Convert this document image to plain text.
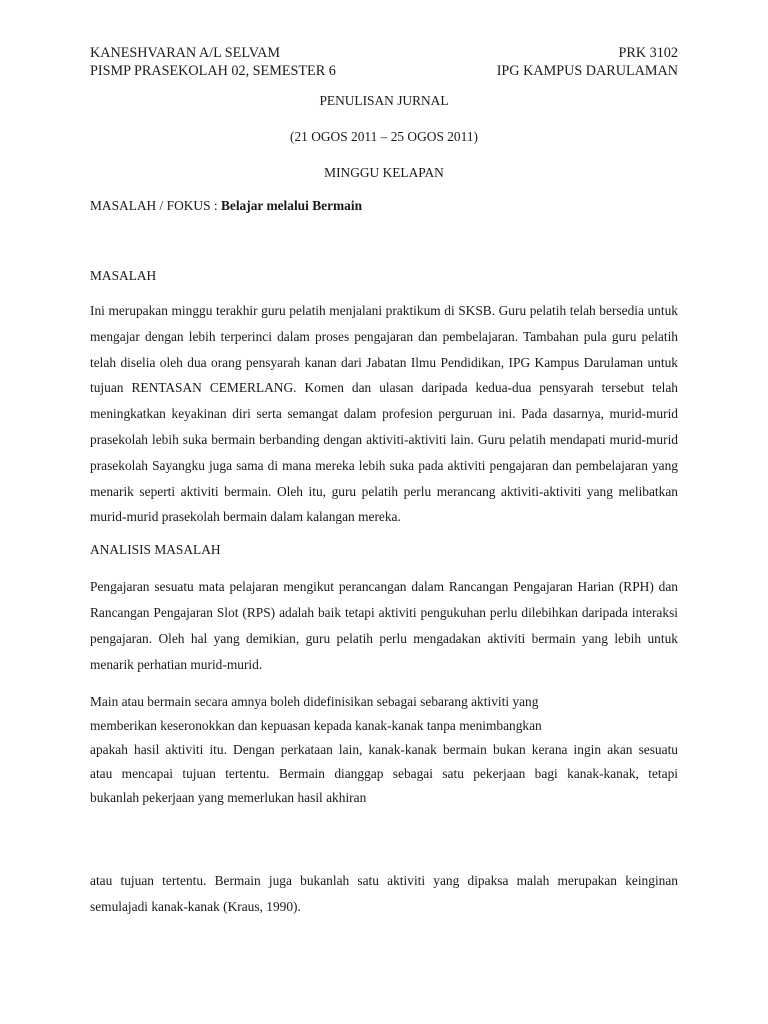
KANESHVARAN A/L SELVAM	PRK 3102
PISMP PRASEKOLAH 02, SEMESTER 6	IPG KAMPUS DARULAMAN
PENULISAN JURNAL
(21 OGOS 2011 – 25 OGOS 2011)
MINGGU KELAPAN
MASALAH / FOKUS : Belajar melalui Bermain
MASALAH
Ini merupakan minggu terakhir guru pelatih menjalani praktikum di SKSB. Guru pelatih telah bersedia untuk mengajar dengan lebih terperinci dalam proses pengajaran dan pembelajaran. Tambahan pula guru pelatih telah diselia oleh dua orang pensyarah kanan dari Jabatan Ilmu Pendidikan, IPG Kampus Darulaman untuk tujuan RENTASAN CEMERLANG. Komen dan ulasan daripada kedua-dua pensyarah tersebut telah meningkatkan keyakinan diri serta semangat dalam profesion perguruan ini. Pada dasarnya, murid-murid prasekolah lebih suka bermain berbanding dengan aktiviti-aktiviti lain. Guru pelatih mendapati murid-murid prasekolah Sayangku juga sama di mana mereka lebih suka pada aktiviti pengajaran dan pembelajaran yang menarik seperti aktiviti bermain. Oleh itu, guru pelatih perlu merancang aktiviti-aktiviti yang melibatkan murid-murid prasekolah bermain dalam kalangan mereka.
ANALISIS MASALAH
Pengajaran sesuatu mata pelajaran mengikut perancangan dalam Rancangan Pengajaran Harian (RPH) dan Rancangan Pengajaran Slot (RPS) adalah baik tetapi aktiviti pengukuhan perlu dilebihkan daripada interaksi pengajaran. Oleh hal yang demikian, guru pelatih perlu mengadakan aktiviti bermain yang lebih untuk menarik perhatian murid-murid.
Main atau bermain secara amnya boleh didefinisikan sebagai sebarang aktiviti yang
memberikan keseronokkan dan kepuasan kepada kanak-kanak tanpa menimbangkan
apakah hasil aktiviti itu. Dengan perkataan lain, kanak-kanak bermain bukan kerana ingin akan sesuatu
atau mencapai tujuan tertentu. Bermain dianggap sebagai satu pekerjaan bagi kanak-kanak, tetapi
bukanlah pekerjaan yang memerlukan hasil akhiran
atau tujuan tertentu. Bermain juga bukanlah satu aktiviti yang dipaksa malah merupakan keinginan
semulajadi kanak-kanak (Kraus, 1990).
